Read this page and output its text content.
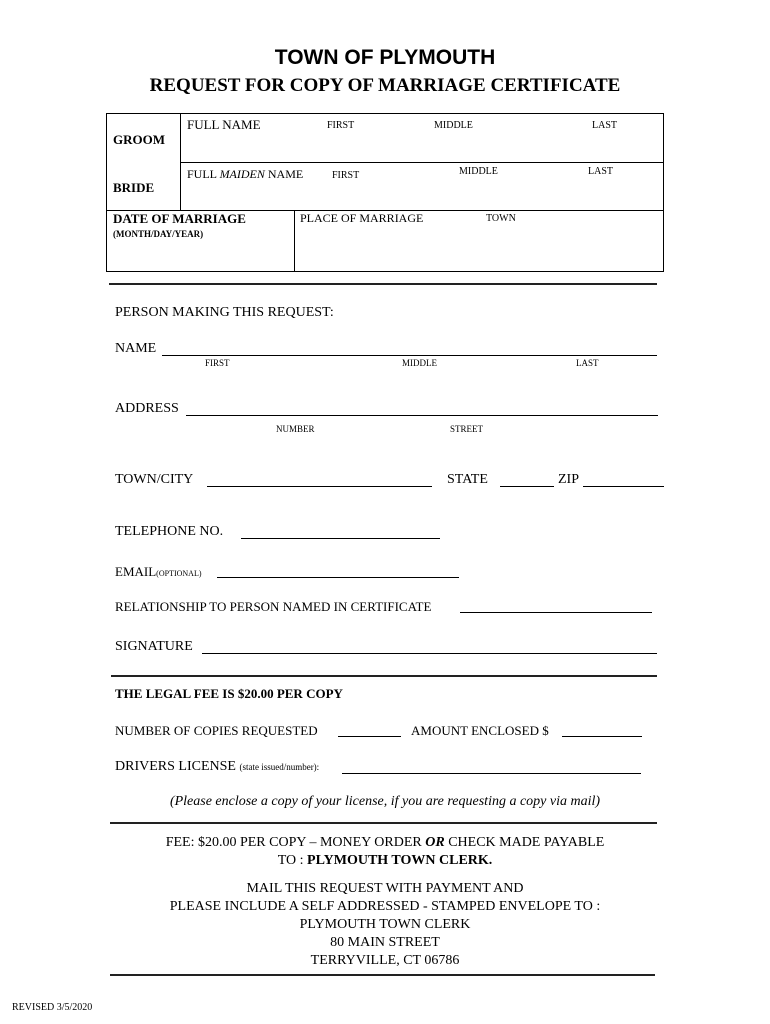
TOWN OF PLYMOUTH
REQUEST FOR COPY OF MARRIAGE CERTIFICATE
GROOM
FULL NAME	FIRST	MIDDLE	LAST
BRIDE
FULL MAIDEN NAME	FIRST	MIDDLE	LAST
DATE OF MARRIAGE
(MONTH/DAY/YEAR)
PLACE OF MARRIAGE	TOWN
PERSON MAKING THIS REQUEST:
NAME
FIRST	MIDDLE	LAST
ADDRESS
NUMBER	STREET
TOWN/CITY	STATE	ZIP
TELEPHONE NO.
EMAIL(OPTIONAL)
RELATIONSHIP TO PERSON NAMED IN CERTIFICATE
SIGNATURE
THE LEGAL FEE IS $20.00 PER COPY
NUMBER OF COPIES REQUESTED	AMOUNT ENCLOSED $
DRIVERS LICENSE (state issued/number):
(Please enclose a copy of your license, if you are requesting a copy via mail)
FEE: $20.00 PER COPY – MONEY ORDER OR CHECK MADE PAYABLE
TO : PLYMOUTH TOWN CLERK.
MAIL THIS REQUEST WITH PAYMENT AND
PLEASE INCLUDE A SELF ADDRESSED - STAMPED ENVELOPE TO :
PLYMOUTH TOWN CLERK
80 MAIN STREET
TERRYVILLE, CT 06786
REVISED 3/5/2020
